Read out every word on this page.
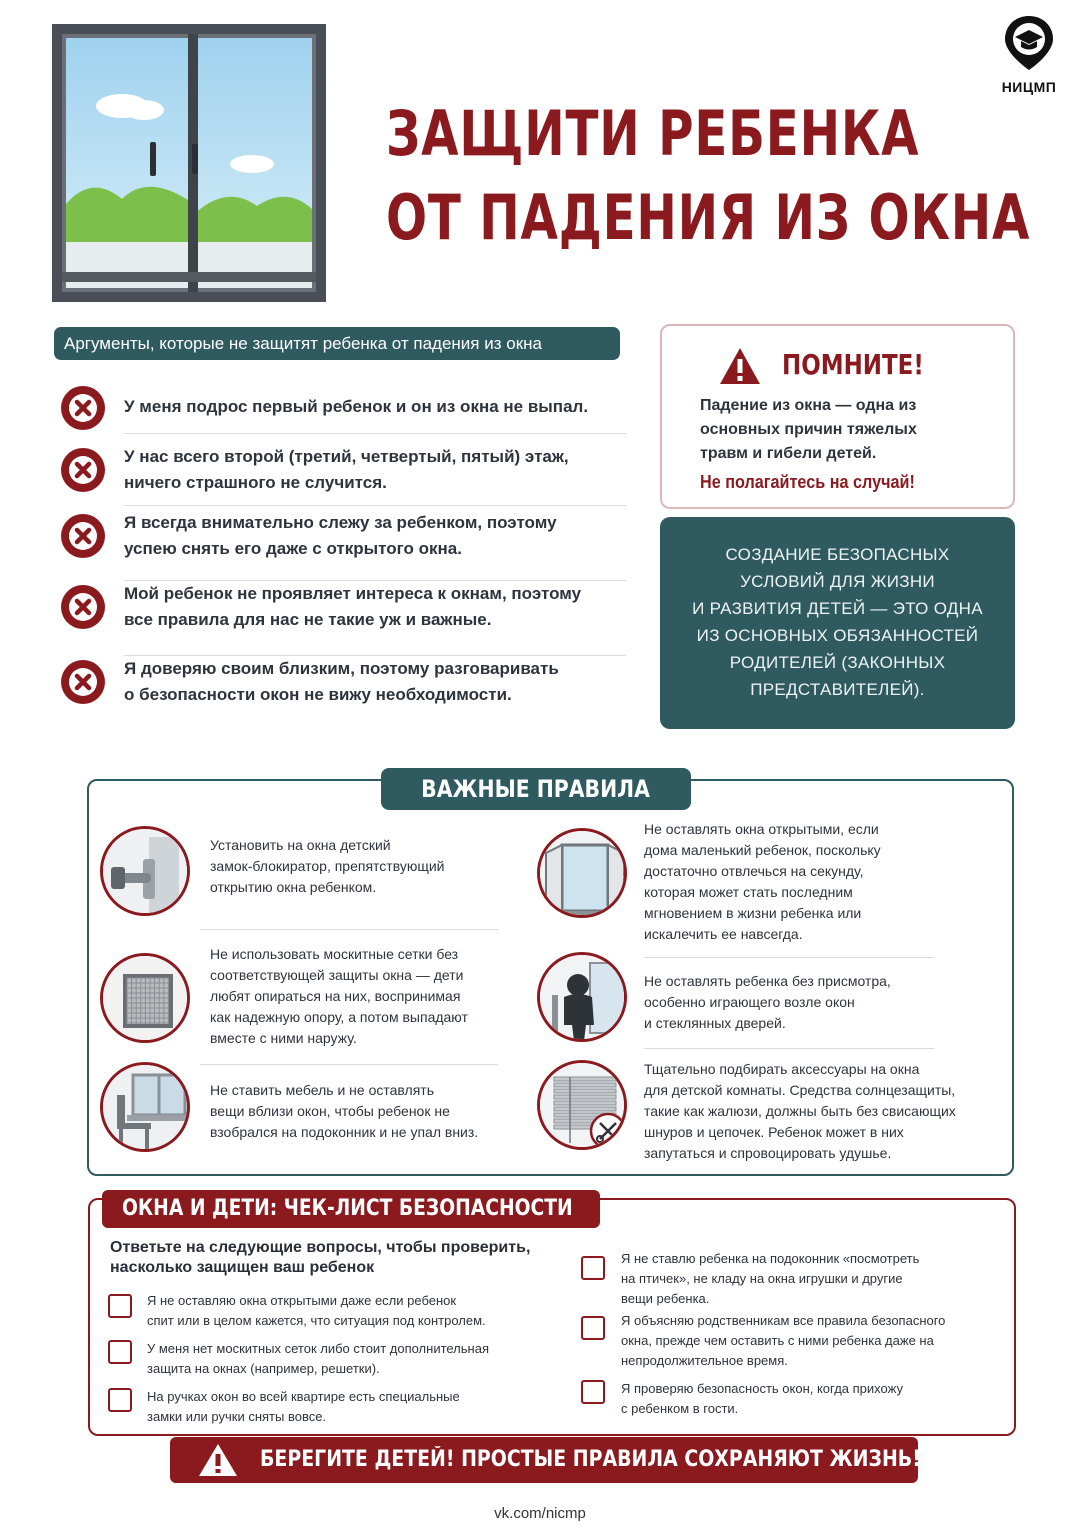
НИЦМП
ЗАЩИТИ РЕБЕНКА
ОТ ПАДЕНИЯ ИЗ ОКНА
Аргументы, которые не защитят ребенка от падения из окна
У меня подрос первый ребенок и он из окна не выпал.
У нас всего второй (третий, четвертый, пятый) этаж,
ничего страшного не случится.
Я всегда внимательно слежу за ребенком, поэтому
успею снять его даже с открытого окна.
Мой ребенок не проявляет интереса к окнам, поэтому
все правила для нас не такие уж и важные.
Я доверяю своим близким, поэтому разговаривать
о безопасности окон не вижу необходимости.
ПОМНИТЕ!
Падение из окна — одна из
основных причин тяжелых
травм и гибели детей.
Не полагайтесь на случай!
СОЗДАНИЕ БЕЗОПАСНЫХ
УСЛОВИЙ ДЛЯ ЖИЗНИ
И РАЗВИТИЯ ДЕТЕЙ — ЭТО ОДНА
ИЗ ОСНОВНЫХ ОБЯЗАННОСТЕЙ
РОДИТЕЛЕЙ (ЗАКОННЫХ
ПРЕДСТАВИТЕЛЕЙ).
ВАЖНЫЕ ПРАВИЛА
Установить на окна детский
замок-блокиратор, препятствующий
открытию окна ребенком.
Не использовать москитные сетки без
соответствующей защиты окна — дети
любят опираться на них, воспринимая
как надежную опору, а потом выпадают
вместе с ними наружу.
Не ставить мебель и не оставлять
вещи вблизи окон, чтобы ребенок не
взобрался на подоконник и не упал вниз.
Не оставлять окна открытыми, если
дома маленький ребенок, поскольку
достаточно отвлечься на секунду,
которая может стать последним
мгновением в жизни ребенка или
искалечить ее навсегда.
Не оставлять ребенка без присмотра,
особенно играющего возле окон
и стеклянных дверей.
Тщательно подбирать аксессуары на окна
для детской комнаты. Средства солнцезащиты,
такие как жалюзи, должны быть без свисающих
шнуров и цепочек. Ребенок может в них
запутаться и спровоцировать удушье.
ОКНА И ДЕТИ: ЧЕК-ЛИСТ БЕЗОПАСНОСТИ
Ответьте на следующие вопросы, чтобы проверить,
насколько защищен ваш ребенок
Я не оставляю окна открытыми даже если ребенок
спит или в целом кажется, что ситуация под контролем.
У меня нет москитных сеток либо стоит дополнительная
защита на окнах (например, решетки).
На ручках окон во всей квартире есть специальные
замки или ручки сняты вовсе.
Я не ставлю ребенка на подоконник «посмотреть
на птичек», не кладу на окна игрушки и другие
вещи ребенка.
Я объясняю родственникам все правила безопасного
окна, прежде чем оставить с ними ребенка даже на
непродолжительное время.
Я проверяю безопасность окон, когда прихожу
с ребенком в гости.
БЕРЕГИТЕ ДЕТЕЙ! ПРОСТЫЕ ПРАВИЛА СОХРАНЯЮТ ЖИЗНЬ!
vk.com/nicmp
